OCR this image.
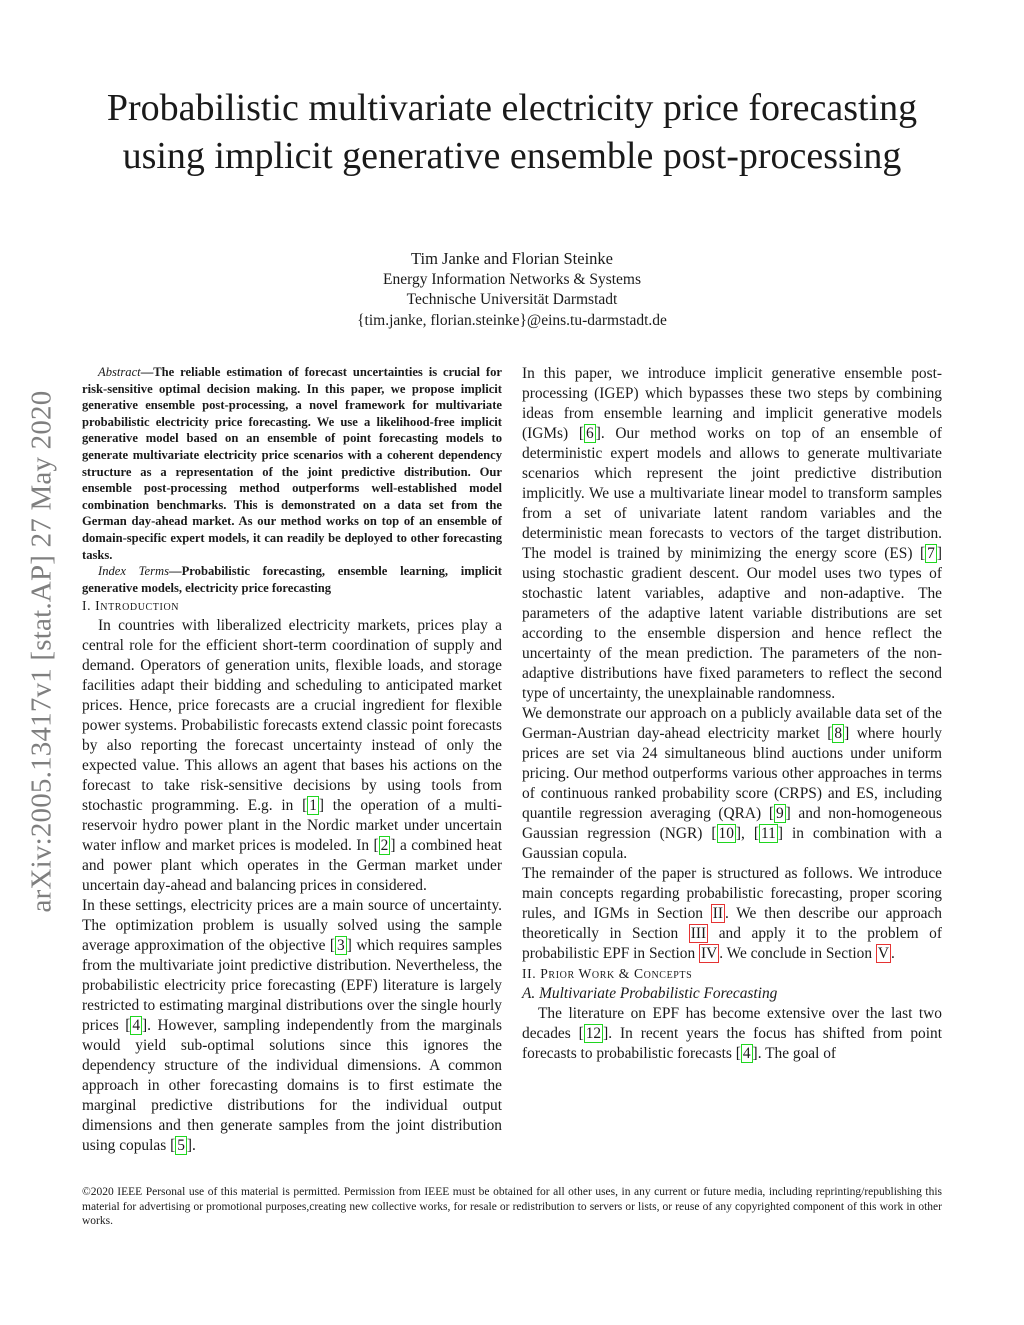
arXiv:2005.13417v1 [stat.AP] 27 May 2020
Probabilistic multivariate electricity price forecasting using implicit generative ensemble post-processing
Tim Janke and Florian Steinke
Energy Information Networks & Systems
Technische Universität Darmstadt
{tim.janke, florian.steinke}@eins.tu-darmstadt.de

Abstract—The reliable estimation of forecast uncertainties is crucial for risk-sensitive optimal decision making. In this paper, we propose implicit generative ensemble post-processing, a novel framework for multivariate probabilistic electricity price forecasting. We use a likelihood-free implicit generative model based on an ensemble of point forecasting models to generate multivariate electricity price scenarios with a coherent dependency structure as a representation of the joint predictive distribution. Our ensemble post-processing method outperforms well-established model combination benchmarks. This is demonstrated on a data set from the German day-ahead market. As our method works on top of an ensemble of domain-specific expert models, it can readily be deployed to other forecasting tasks.

Index Terms—Probabilistic forecasting, ensemble learning, implicit generative models, electricity price forecasting

I. Introduction

In countries with liberalized electricity markets, prices play a central role for the efficient short-term coordination of supply and demand. Operators of generation units, flexible loads, and storage facilities adapt their bidding and scheduling to anticipated market prices. Hence, price forecasts are a crucial ingredient for flexible power systems. Probabilistic forecasts extend classic point forecasts by also reporting the forecast uncertainty instead of only the expected value. This allows an agent that bases his actions on the forecast to take risk-sensitive decisions by using tools from stochastic programming. E.g. in [ 1 ] the operation of a multi-reservoir hydro power plant in the Nordic market under uncertain water inflow and market prices is modeled. In [ 2 ] a combined heat and power plant which operates in the German market under uncertain day-ahead and balancing prices in considered.

In these settings, electricity prices are a main source of uncertainty. The optimization problem is usually solved using the sample average approximation of the objective [ 3 ] which requires samples from the multivariate joint predictive distribution. Nevertheless, the probabilistic electricity price forecasting (EPF) literature is largely restricted to estimating marginal distributions over the single hourly prices [ 4 ]. However, sampling independently from the marginals would yield sub-optimal solutions since this ignores the dependency structure of the individual dimensions. A common approach in other forecasting domains is to first estimate the marginal predictive distributions for the individual output dimensions and then generate samples from the joint distribution using copulas [ 5 ].

In this paper, we introduce implicit generative ensemble post-processing (IGEP) which bypasses these two steps by combining ideas from ensemble learning and implicit generative models (IGMs) [ 6 ]. Our method works on top of an ensemble of deterministic expert models and allows to generate multivariate scenarios which represent the joint predictive distribution implicitly. We use a multivariate linear model to transform samples from a set of univariate latent random variables and the deterministic mean forecasts to vectors of the target distribution. The model is trained by minimizing the energy score (ES) [ 7 ] using stochastic gradient descent. Our model uses two types of stochastic latent variables, adaptive and non-adaptive. The parameters of the adaptive latent variable distributions are set according to the ensemble dispersion and hence reflect the uncertainty of the mean prediction. The parameters of the non-adaptive distributions have fixed parameters to reflect the second type of uncertainty, the unexplainable randomness.

We demonstrate our approach on a publicly available data set of the German-Austrian day-ahead electricity market [ 8 ] where hourly prices are set via 24 simultaneous blind auctions under uniform pricing. Our method outperforms various other approaches in terms of continuous ranked probability score (CRPS) and ES, including quantile regression averaging (QRA) [ 9 ] and non-homogeneous Gaussian regression (NGR) [ 10 ], [ 11 ] in combination with a Gaussian copula.

The remainder of the paper is structured as follows. We introduce main concepts regarding probabilistic forecasting, proper scoring rules, and IGMs in Section II . We then describe our approach theoretically in Section III and apply it to the problem of probabilistic EPF in Section IV . We conclude in Section V .

II. Prior Work & Concepts

A. Multivariate Probabilistic Forecasting

The literature on EPF has become extensive over the last two decades [ 12 ]. In recent years the focus has shifted from point forecasts to probabilistic forecasts [ 4 ]. The goal of

©2020 IEEE Personal use of this material is permitted. Permission from IEEE must be obtained for all other uses, in any current or future media, including reprinting/republishing this material for advertising or promotional purposes,creating new collective works, for resale or redistribution to servers or lists, or reuse of any copyrighted component of this work in other works.
